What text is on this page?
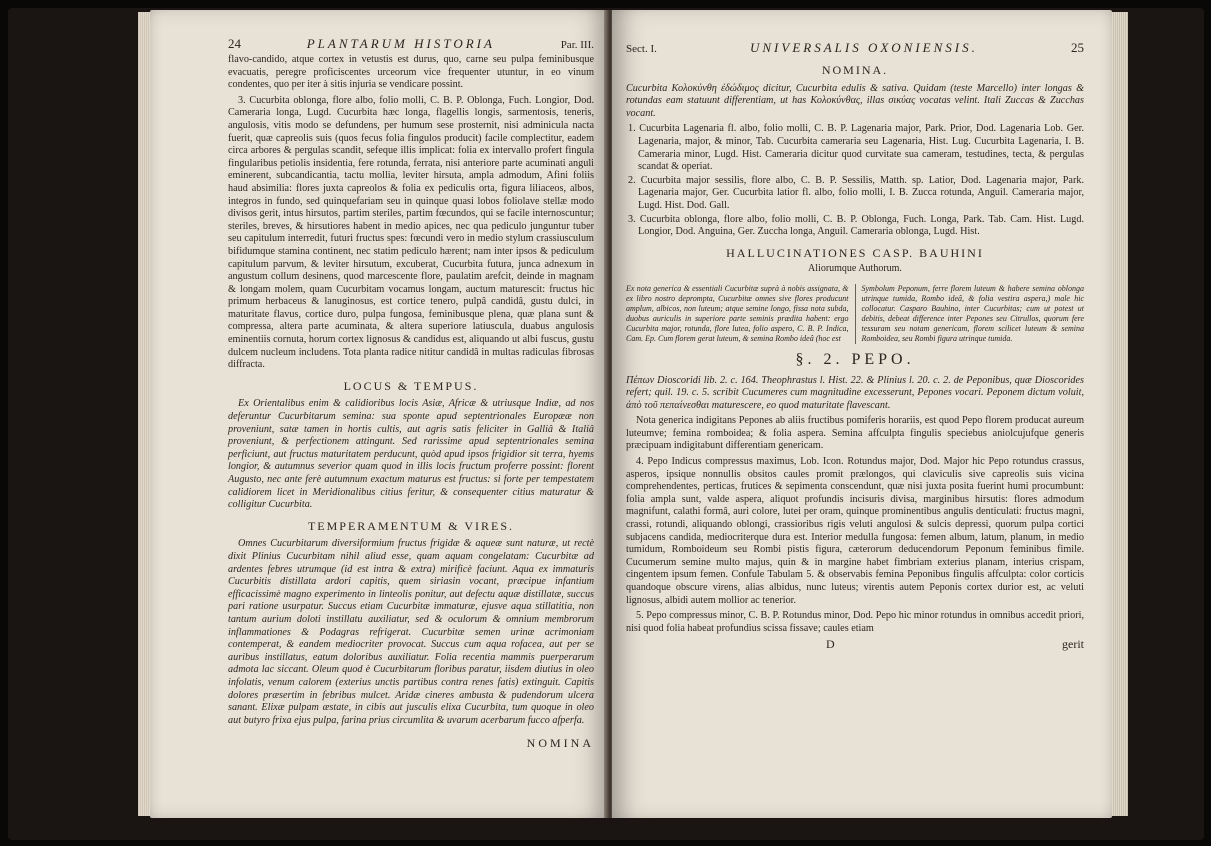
24	PLANTARUM HISTORIA	Par. III.

flavo-candido, atque cortex in vetustis est durus, quo, carne seu pulpa feminibusque evacuatis, peregre proficiscentes urceorum vice frequenter utuntur, in eo vinum condentes, quo per iter à sitis injuria se vendicare possint.

3. Cucurbita oblonga, flore albo, folio molli, C. B. P. Oblonga, Fuch. Longior, Dod. Cameraria longa, Lugd. Cucurbita hæc longa, flagellis longis, sarmentosis, teneris, angulosis, vitis modo se defundens, per humum sese prosternit, nisi adminicula nacta fuerit, quæ capreolis suis (quos fecus folia fingulos producit) facile complectitur, eadem circa arbores & pergulas scandit, sefeque illis implicat: folia ex intervallo profert fingula fingularibus petiolis insidentia, fere rotunda, ferrata, nisi anteriore parte acuminati anguli eminerent, subcandicantia, tactu mollia, leviter hirsuta, ampla admodum, Afini foliis haud absimilia: flores juxta capreolos & folia ex pediculis orta, figura liliaceos, albos, integros in fundo, sed quinquefariam seu in quinque quasi lobos foliolave stellæ modo divisos gerit, intus hirsutos, partim steriles, partim fœcundos, qui se facile internoscuntur; steriles, breves, & hirsutiores habent in medio apices, nec qua pediculo junguntur tuber seu capitulum interredit, futuri fructus spes: fœcundi vero in medio stylum crassiusculum bifidumque stamina continent, nec statim pediculo hærent; nam inter ipsos & pediculum capitulum parvum, & leviter hirsutum, excuberat, Cucurbita futura, junca adnexum in angustum collum desinens, quod marcescente flore, paulatim arefcit, deinde in magnam & longam molem, quam Cucurbitam vocamus longam, auctum maturescit: fructus hic primum herbaceus & lanuginosus, est cortice tenero, pulpâ candidâ, gustu dulci, in maturitate flavus, cortice duro, pulpa fungosa, feminibusque plena, quæ plana sunt & compressa, altera parte acuminata, & altera superiore latiuscula, duabus angulosis eminentiis cornuta, horum cortex lignosus & candidus est, aliquando ut albi fuscus, gustu dulcem nucleum includens. Tota planta radice nititur candidâ in multas radiculas fibrosas diffracta.

LOCUS & TEMPUS.

Ex Orientalibus enim & calidioribus locis Asiæ, Africæ & utriusque Indiæ, ad nos deferuntur Cucurbitarum semina: sua sponte apud septentrionales Europææ non proveniunt, satæ tamen in hortis cultis, aut agris satis feliciter in Galliâ & Italiâ proveniunt, & perfectionem attingunt. Sed rarissime apud septentrionales semina perficiunt, aut fructus maturitatem perducunt, quòd apud ipsos frigidior sit terra, hyems longior, & autumnus severior quam quod in illis locis fructum proferre possint: florent Augusto, nec ante ferè autumnum exactum maturus est fructus: si forte per tempestatem calidiorem licet in Meridionalibus citius feritur, & consequenter citius maturatur & colligitur Cucurbita.

TEMPERAMENTUM & VIRES.

Omnes Cucurbitarum diversiformium fructus frigidæ & aqueæ sunt naturæ, ut rectè dixit Plinius Cucurbitam nihil aliud esse, quam aquam congelatam: Cucurbitæ ad ardentes febres utrumque (id est intra & extra) mirificè faciunt. Aqua ex immaturis Cucurbitis distillata ardori capitis, quem siriasin vocant, præcipue infantium efficacissimè magno experimento in linteolis ponitur, aut defectu aquæ distillatæ, succus pari ratione usurpatur. Succus etiam Cucurbitæ immaturæ, ejusve aqua stillatitia, non tantum aurium doloti instillatu auxiliatur, sed & oculorum & omnium membrorum inflammationes & Podagras refrigerat. Cucurbitæ semen urinæ acrimoniam contemperat, & eandem mediocriter provocat. Succus cum aqua rofacea, aut per se auribus instillatus, eatum doloribus auxiliatur. Folia recentia mammis puerperarum admota lac siccant. Oleum quod è Cucurbitarum floribus paratur, iisdem diutius in oleo infolatis, venum calorem (exterius unctis partibus contra renes fatis) extinguit. Capitis dolores præsertim in febribus mulcet. Aridæ cineres ambusta & pudendorum ulcera sanant. Elixæ pulpam æstate, in cibis aut jusculis elixa Cucurbita, tum quoque in oleo aut butyro frixa ejus pulpa, farina prius circumlita & uvarum acerbarum fucco afperfa.

NOMINA
Sect. I.	UNIVERSALIS OXONIENSIS.	25
NOMINA.

Cucurbita Κολοκύνθη ἐδώδιμος dicitur, Cucurbita edulis & sativa. Quidam (teste Marcello) inter longas & rotundas eam statuunt differentiam, ut has Κολοκύνθας, illas σικύας vocatas velint. Itali Zuccas & Zucchas vocant.

1. Cucurbita Lagenaria fl. albo, folio molli, C. B. P. Lagenaria major, Park. Prior, Dod. Lagenaria Lob. Ger. Lagenaria, major, & minor, Tab. Cucurbita cameraria seu Lagenaria, Hist. Lug. Cucurbita Lagenaria, I. B. Cameraria minor, Lugd. Hist. Cameraria dicitur quod curvitate sua cameram, testudines, tecta, & pergulas scandat & operiat.
2. Cucurbita major sessilis, flore albo, C. B. P. Sessilis, Matth. sp. Latior, Dod. Lagenaria major, Park. Lagenaria major, Ger. Cucurbita latior fl. albo, folio molli, I. B. Zucca rotunda, Anguil. Cameraria major, Lugd. Hist. Dod. Gall.
3. Cucurbita oblonga, flore albo, folio molli, C. B. P. Oblonga, Fuch. Longa, Park. Tab. Cam. Hist. Lugd. Longior, Dod. Anguina, Ger. Zuccha longa, Anguil. Cameraria oblonga, Lugd. Hist.
HALLUCINATIONES CASP. BAUHINI
Aliorumque Authorum.
Ex nota generica & essentiali Cucurbitæ suprà à nobis assignata, & ex libro nostro deprompta, Cucurbitæ omnes sive flores producunt amplum, albicos, non luteum; atque semine longo, fissa nota subda, duobus auriculis in superiore parte seminis prædita habent: ergo Cucurbita major, rotunda, flore lutea, folio aspero, C. B. P. Indica, Cam. Ep. Cum florem gerat luteum, & semina Rombo ideâ (hoc est
Symbolum Peponum, ferre florem luteum & habere semina oblonga utrinque tumida, Rombo ideâ, & folia vestira aspera,) male hic collocatur. Casparo Bauhino, inter Cucurbitas; cum ut potest ut debitis, debeat difference inter Pepones seu Citrullos, quorum fere tessuram seu notam genericam, florem scilicet luteum & semina Romboidea, seu Rombi figura utrinque tumida.
§. 2. PEPO.

Πέπων Dioscoridi lib. 2. c. 164. Theophrastus l. Hist. 22. & Plinius l. 20. c. 2. de Peponibus, quæ Dioscorides refert; quil. 19. c. 5. scribit Cucumeres cum magnitudine excesserunt, Pepones vocari. Peponem dictum voluit, ἀπὸ τοῦ πεπαίνεσθαι maturescere, eo quod maturitate flavescant.

Nota generica indigitans Pepones ab aliis fructibus pomiferis horariis, est quod Pepo florem producat aureum luteumve; femina romboidea; & folia aspera. Semina affculpta fingulis speciebus aniolcujufque generis præcipuam indigitabunt differentiam genericam.

4. Pepo Indicus compressus maximus, Lob. Icon. Rotundus major, Dod. Major hic Pepo rotundus crassus, asperos, ipsique nonnullis obsitos caules promit prælongos, qui claviculis sive capreolis suis vicina comprehendentes, perticas, frutices & sepimenta conscendunt, quæ nisi juxta posita fuerint humi procumbunt: folia ampla sunt, valde aspera, aliquot profundis incisuris divisa, marginibus hirsutis: flores admodum magnifunt, calathi formâ, auri colore, lutei per oram, quinque prominentibus angulis denticulati: fructus magni, crassi, rotundi, aliquando oblongi, crassioribus rigis veluti angulosi & sulcis depressi, quorum pulpa cortici subjacens candida, mediocriterque dura est. Interior medulla fungosa: femen album, latum, planum, in medio tumidum, Romboideum seu Rombi pistis figura, cæterorum deducendorum Peponum feminibus fimile. Cucumerum semine multo majus, quin & in margine habet fimbriam exterius planam, interius crispam, cingentem ipsum femen. Confule Tabulam 5. & observabis femina Peponibus fingulis affculpta: color corticis quandoque obscure virens, alias albidus, nunc luteus; virentis autem Peponis cortex durior est, ac veluti lignosus, albidi autem mollior ac tenerior.

5. Pepo compressus minor, C. B. P. Rotundus minor, Dod. Pepo hic minor rotundus in omnibus accedit priori, nisi quod folia habeat profundius scissa fissave; caules etiam

D	gerit
